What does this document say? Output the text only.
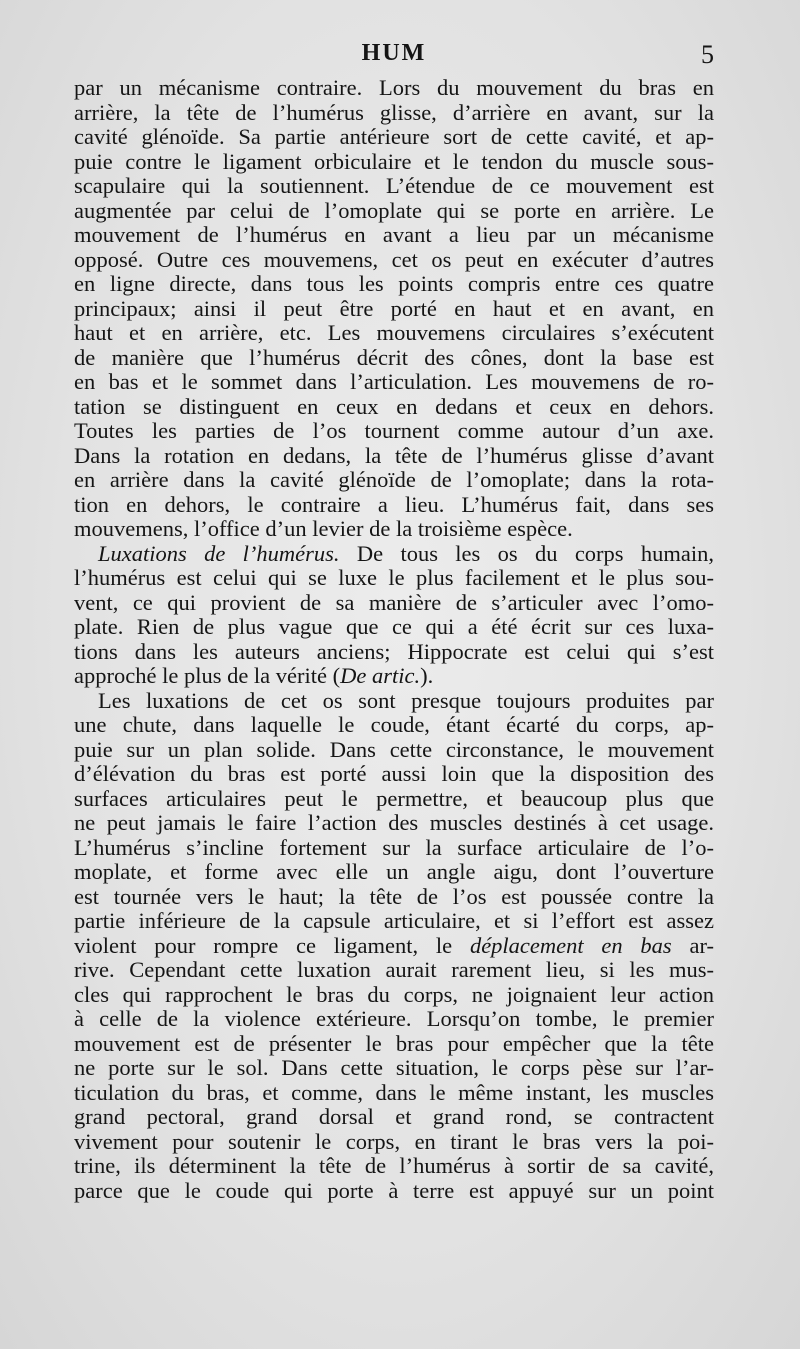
HUM	5
par un mécanisme contraire. Lors du mouvement du bras en
arrière, la tête de l’humérus glisse, d’arrière en avant, sur la
cavité glénoïde. Sa partie antérieure sort de cette cavité, et ap-
puie contre le ligament orbiculaire et le tendon du muscle sous-
scapulaire qui la soutiennent. L’étendue de ce mouvement est
augmentée par celui de l’omoplate qui se porte en arrière. Le
mouvement de l’humérus en avant a lieu par un mécanisme
opposé. Outre ces mouvemens, cet os peut en exécuter d’autres
en ligne directe, dans tous les points compris entre ces quatre
principaux; ainsi il peut être porté en haut et en avant, en
haut et en arrière, etc. Les mouvemens circulaires s’exécutent
de manière que l’humérus décrit des cônes, dont la base est
en bas et le sommet dans l’articulation. Les mouvemens de ro-
tation se distinguent en ceux en dedans et ceux en dehors.
Toutes les parties de l’os tournent comme autour d’un axe.
Dans la rotation en dedans, la tête de l’humérus glisse d’avant
en arrière dans la cavité glénoïde de l’omoplate; dans la rota-
tion en dehors, le contraire a lieu. L’humérus fait, dans ses
mouvemens, l’office d’un levier de la troisième espèce.
Luxations de l’humérus. De tous les os du corps humain,
l’humérus est celui qui se luxe le plus facilement et le plus sou-
vent, ce qui provient de sa manière de s’articuler avec l’omo-
plate. Rien de plus vague que ce qui a été écrit sur ces luxa-
tions dans les auteurs anciens; Hippocrate est celui qui s’est
approché le plus de la vérité (De artic.).
Les luxations de cet os sont presque toujours produites par
une chute, dans laquelle le coude, étant écarté du corps, ap-
puie sur un plan solide. Dans cette circonstance, le mouvement
d’élévation du bras est porté aussi loin que la disposition des
surfaces articulaires peut le permettre, et beaucoup plus que
ne peut jamais le faire l’action des muscles destinés à cet usage.
L’humérus s’incline fortement sur la surface articulaire de l’o-
moplate, et forme avec elle un angle aigu, dont l’ouverture
est tournée vers le haut; la tête de l’os est poussée contre la
partie inférieure de la capsule articulaire, et si l’effort est assez
violent pour rompre ce ligament, le déplacement en bas ar-
rive. Cependant cette luxation aurait rarement lieu, si les mus-
cles qui rapprochent le bras du corps, ne joignaient leur action
à celle de la violence extérieure. Lorsqu’on tombe, le premier
mouvement est de présenter le bras pour empêcher que la tête
ne porte sur le sol. Dans cette situation, le corps pèse sur l’ar-
ticulation du bras, et comme, dans le même instant, les muscles
grand pectoral, grand dorsal et grand rond, se contractent
vivement pour soutenir le corps, en tirant le bras vers la poi-
trine, ils déterminent la tête de l’humérus à sortir de sa cavité,
parce que le coude qui porte à terre est appuyé sur un point
